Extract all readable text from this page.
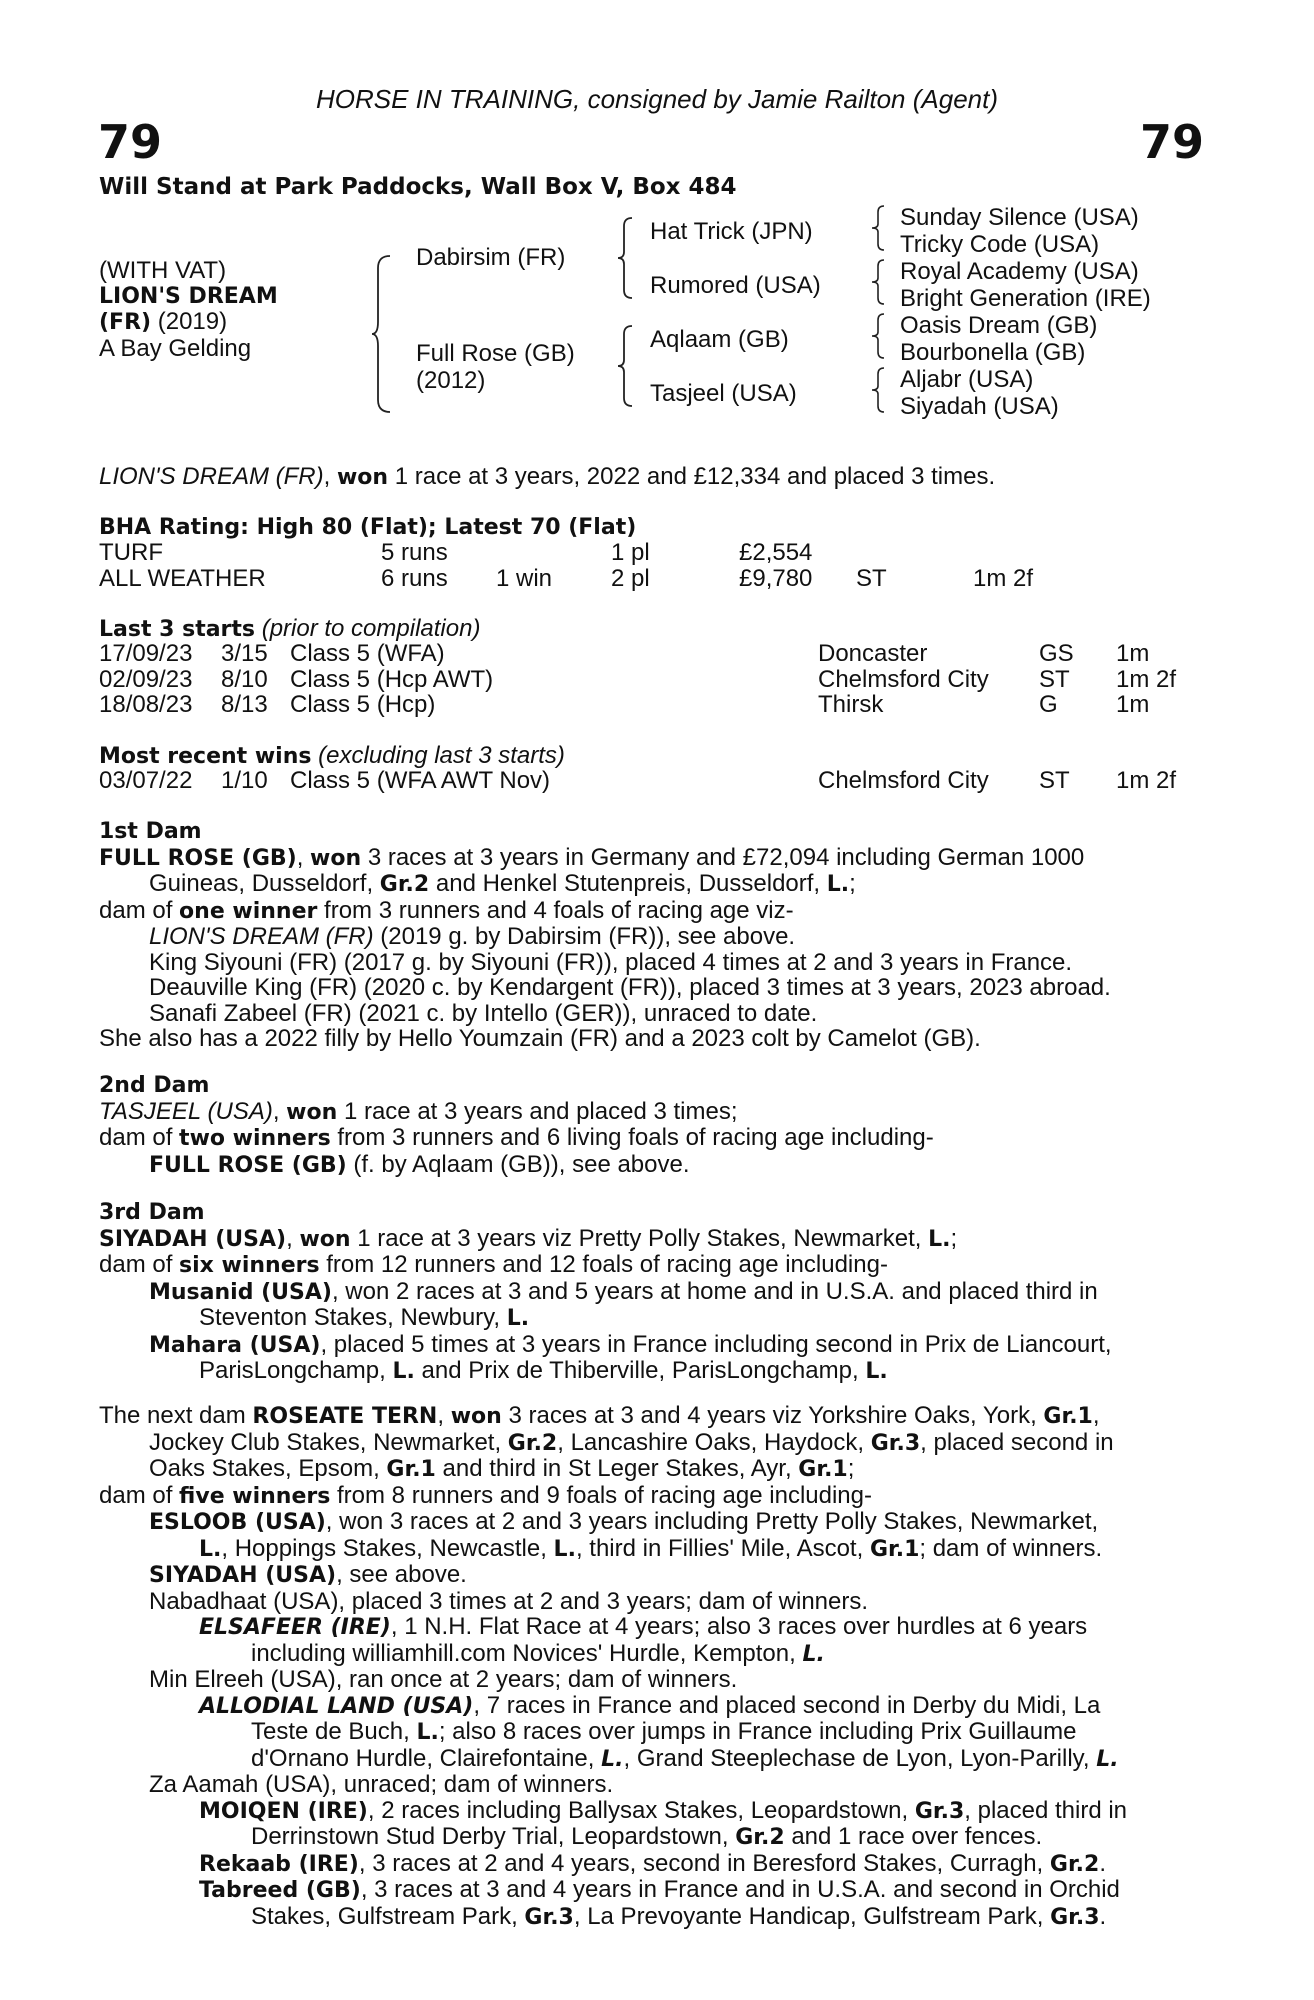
HORSE IN TRAINING, consigned by Jamie Railton (Agent)
79	79
Will Stand at Park Paddocks, Wall Box V, Box 484
(WITH VAT)
LION'S DREAM
(FR) (2019)
A Bay Gelding
Dabirsim (FR)
Full Rose (GB)
(2012)
Hat Trick (JPN)
Rumored (USA)
Aqlaam (GB)
Tasjeel (USA)
Sunday Silence (USA)
Tricky Code (USA)
Royal Academy (USA)
Bright Generation (IRE)
Oasis Dream (GB)
Bourbonella (GB)
Aljabr (USA)
Siyadah (USA)
LION'S DREAM (FR), won 1 race at 3 years, 2022 and £12,334 and placed 3 times.
BHA Rating: High 80 (Flat); Latest 70 (Flat)
TURF	5 runs		1 pl	£2,554		
ALL WEATHER	6 runs	1 win	2 pl	£9,780	ST	1m 2f
Last 3 starts (prior to compilation)
17/09/23	3/15	Class 5 (WFA)	Doncaster	GS	1m
02/09/23	8/10	Class 5 (Hcp AWT)	Chelmsford City	ST	1m 2f
18/08/23	8/13	Class 5 (Hcp)	Thirsk	G	1m
Most recent wins (excluding last 3 starts)
03/07/22	1/10	Class 5 (WFA AWT Nov)	Chelmsford City	ST	1m 2f
1st Dam
FULL ROSE (GB), won 3 races at 3 years in Germany and £72,094 including German 1000
Guineas, Dusseldorf, Gr.2 and Henkel Stutenpreis, Dusseldorf, L.;
dam of one winner from 3 runners and 4 foals of racing age viz-
LION'S DREAM (FR) (2019 g. by Dabirsim (FR)), see above.
King Siyouni (FR) (2017 g. by Siyouni (FR)), placed 4 times at 2 and 3 years in France.
Deauville King (FR) (2020 c. by Kendargent (FR)), placed 3 times at 3 years, 2023 abroad.
Sanafi Zabeel (FR) (2021 c. by Intello (GER)), unraced to date.
She also has a 2022 filly by Hello Youmzain (FR) and a 2023 colt by Camelot (GB).
2nd Dam
TASJEEL (USA), won 1 race at 3 years and placed 3 times;
dam of two winners from 3 runners and 6 living foals of racing age including-
FULL ROSE (GB) (f. by Aqlaam (GB)), see above.
3rd Dam
SIYADAH (USA), won 1 race at 3 years viz Pretty Polly Stakes, Newmarket, L.;
dam of six winners from 12 runners and 12 foals of racing age including-
Musanid (USA), won 2 races at 3 and 5 years at home and in U.S.A. and placed third in
Steventon Stakes, Newbury, L.
Mahara (USA), placed 5 times at 3 years in France including second in Prix de Liancourt,
ParisLongchamp, L. and Prix de Thiberville, ParisLongchamp, L.
The next dam ROSEATE TERN, won 3 races at 3 and 4 years viz Yorkshire Oaks, York, Gr.1,
Jockey Club Stakes, Newmarket, Gr.2, Lancashire Oaks, Haydock, Gr.3, placed second in
Oaks Stakes, Epsom, Gr.1 and third in St Leger Stakes, Ayr, Gr.1;
dam of five winners from 8 runners and 9 foals of racing age including-
ESLOOB (USA), won 3 races at 2 and 3 years including Pretty Polly Stakes, Newmarket,
L., Hoppings Stakes, Newcastle, L., third in Fillies' Mile, Ascot, Gr.1; dam of winners.
SIYADAH (USA), see above.
Nabadhaat (USA), placed 3 times at 2 and 3 years; dam of winners.
ELSAFEER (IRE), 1 N.H. Flat Race at 4 years; also 3 races over hurdles at 6 years
including williamhill.com Novices' Hurdle, Kempton, L.
Min Elreeh (USA), ran once at 2 years; dam of winners.
ALLODIAL LAND (USA), 7 races in France and placed second in Derby du Midi, La
Teste de Buch, L.; also 8 races over jumps in France including Prix Guillaume
d'Ornano Hurdle, Clairefontaine, L., Grand Steeplechase de Lyon, Lyon-Parilly, L.
Za Aamah (USA), unraced; dam of winners.
MOIQEN (IRE), 2 races including Ballysax Stakes, Leopardstown, Gr.3, placed third in
Derrinstown Stud Derby Trial, Leopardstown, Gr.2 and 1 race over fences.
Rekaab (IRE), 3 races at 2 and 4 years, second in Beresford Stakes, Curragh, Gr.2.
Tabreed (GB), 3 races at 3 and 4 years in France and in U.S.A. and second in Orchid
Stakes, Gulfstream Park, Gr.3, La Prevoyante Handicap, Gulfstream Park, Gr.3.
